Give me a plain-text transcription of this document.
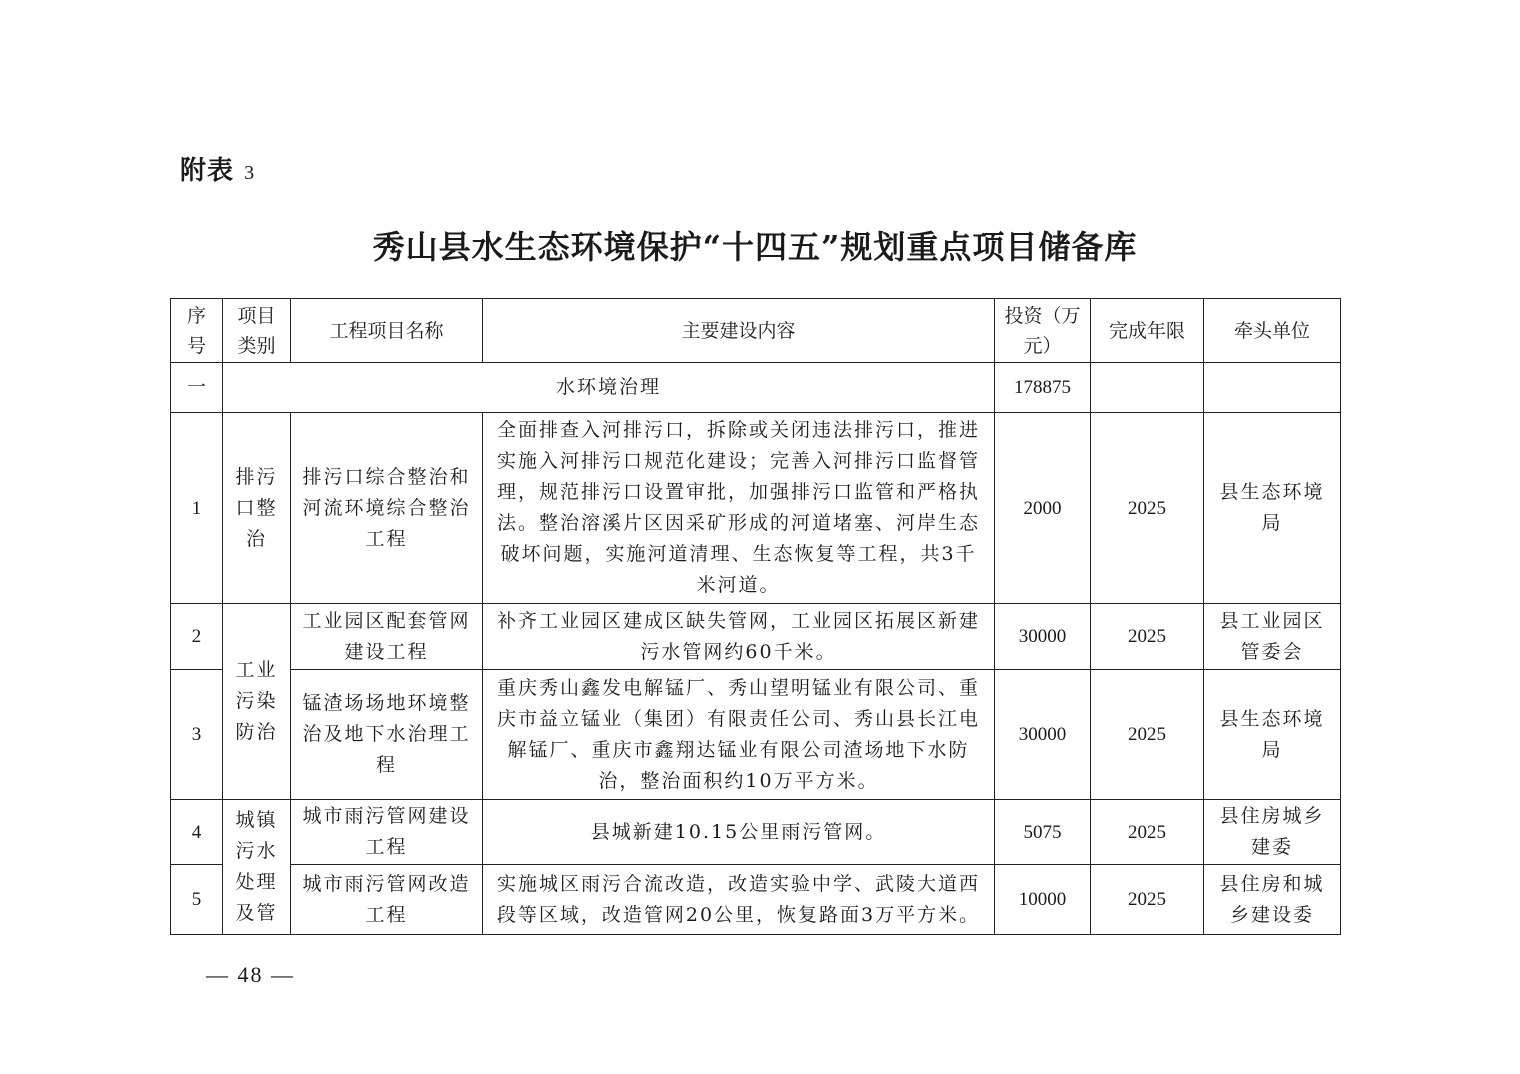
附表 3
秀山县水生态环境保护“十四五”规划重点项目储备库
序号	项目类别	工程项目名称	主要建设内容	投资（万元）	完成年限	牵头单位
一	水环境治理			178875		
1	排污口整治	排污口综合整治和河流环境综合整治工程	全面排查入河排污口，拆除或关闭违法排污口，推进实施入河排污口规范化建设；完善入河排污口监督管理，规范排污口设置审批，加强排污口监管和严格执法。整治溶溪片区因采矿形成的河道堵塞、河岸生态破坏问题，实施河道清理、生态恢复等工程，共3千米河道。	2000	2025	县生态环境局
2	工业污染防治	工业园区配套管网建设工程	补齐工业园区建成区缺失管网，工业园区拓展区新建污水管网约60千米。	30000	2025	县工业园区管委会
3		锰渣场场地环境整治及地下水治理工程	重庆秀山鑫发电解锰厂、秀山望明锰业有限公司、重庆市益立锰业（集团）有限责任公司、秀山县长江电解锰厂、重庆市鑫翔达锰业有限公司渣场地下水防治，整治面积约10万平方米。	30000	2025	县生态环境局
4	城镇污水处理及管	城市雨污管网建设工程	县城新建10.15公里雨污管网。	5075	2025	县住房城乡建委
5		城市雨污管网改造工程	实施城区雨污合流改造，改造实验中学、武陵大道西段等区域，改造管网20公里，恢复路面3万平方米。	10000	2025	县住房和城乡建设委
— 48 —
